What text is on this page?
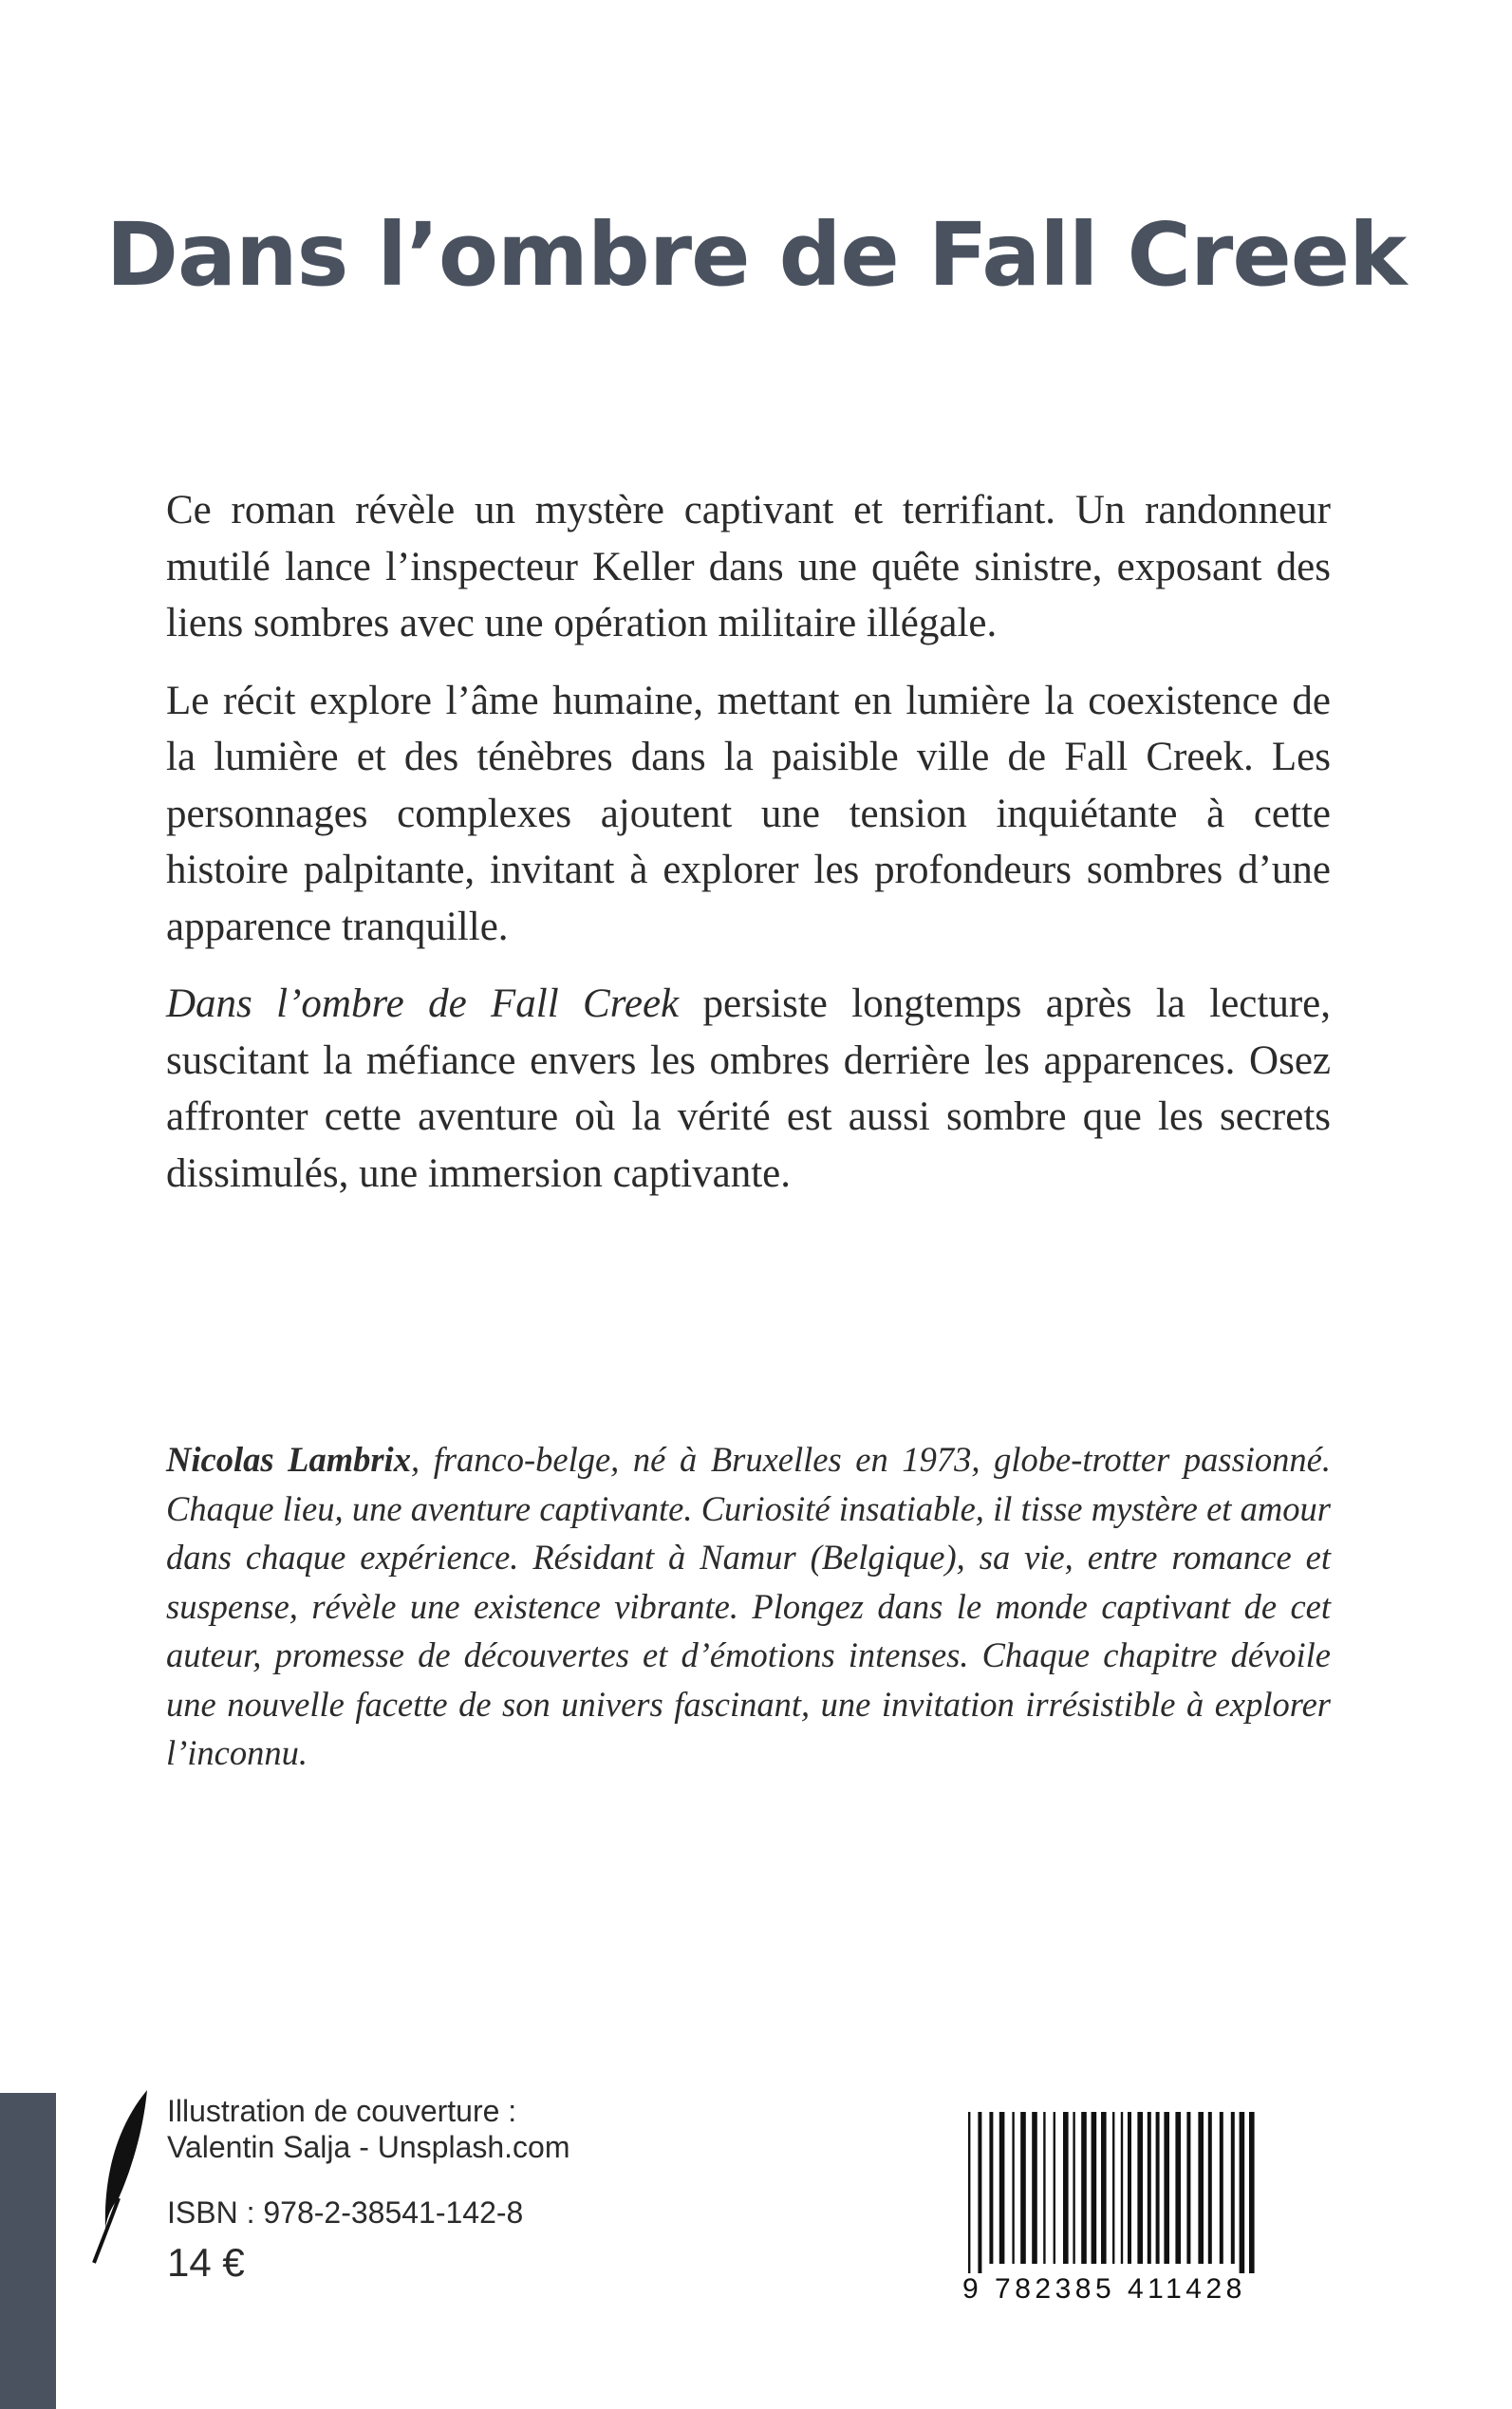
Dans l’ombre de Fall Creek

Ce roman révèle un mystère captivant et terrifiant. Un randonneur mutilé lance l’inspecteur Keller dans une quête sinistre, exposant des liens sombres avec une opération militaire illégale.

Le récit explore l’âme humaine, mettant en lumière la coexistence de la lumière et des ténèbres dans la paisible ville de Fall Creek. Les personnages complexes ajoutent une tension inquiétante à cette histoire palpitante, invitant à explorer les profondeurs sombres d’une apparence tranquille.

Dans l’ombre de Fall Creek persiste longtemps après la lecture, suscitant la méfiance envers les ombres derrière les apparences. Osez affronter cette aventure où la vérité est aussi sombre que les secrets dissimulés, une immersion captivante.

Nicolas Lambrix, franco-belge, né à Bruxelles en 1973, globe-trotter passionné. Chaque lieu, une aventure captivante. Curiosité insatiable, il tisse mystère et amour dans chaque expérience. Résidant à Namur (Belgique), sa vie, entre romance et suspense, révèle une existence vibrante. Plongez dans le monde captivant de cet auteur, promesse de découvertes et d’émotions intenses. Chaque chapitre dévoile une nouvelle facette de son univers fascinant, une invitation irrésistible à explorer l’inconnu.

Illustration de couverture :
Valentin Salja - Unsplash.com
ISBN : 978-2-38541-142-8
14 €
9 782385 411428
